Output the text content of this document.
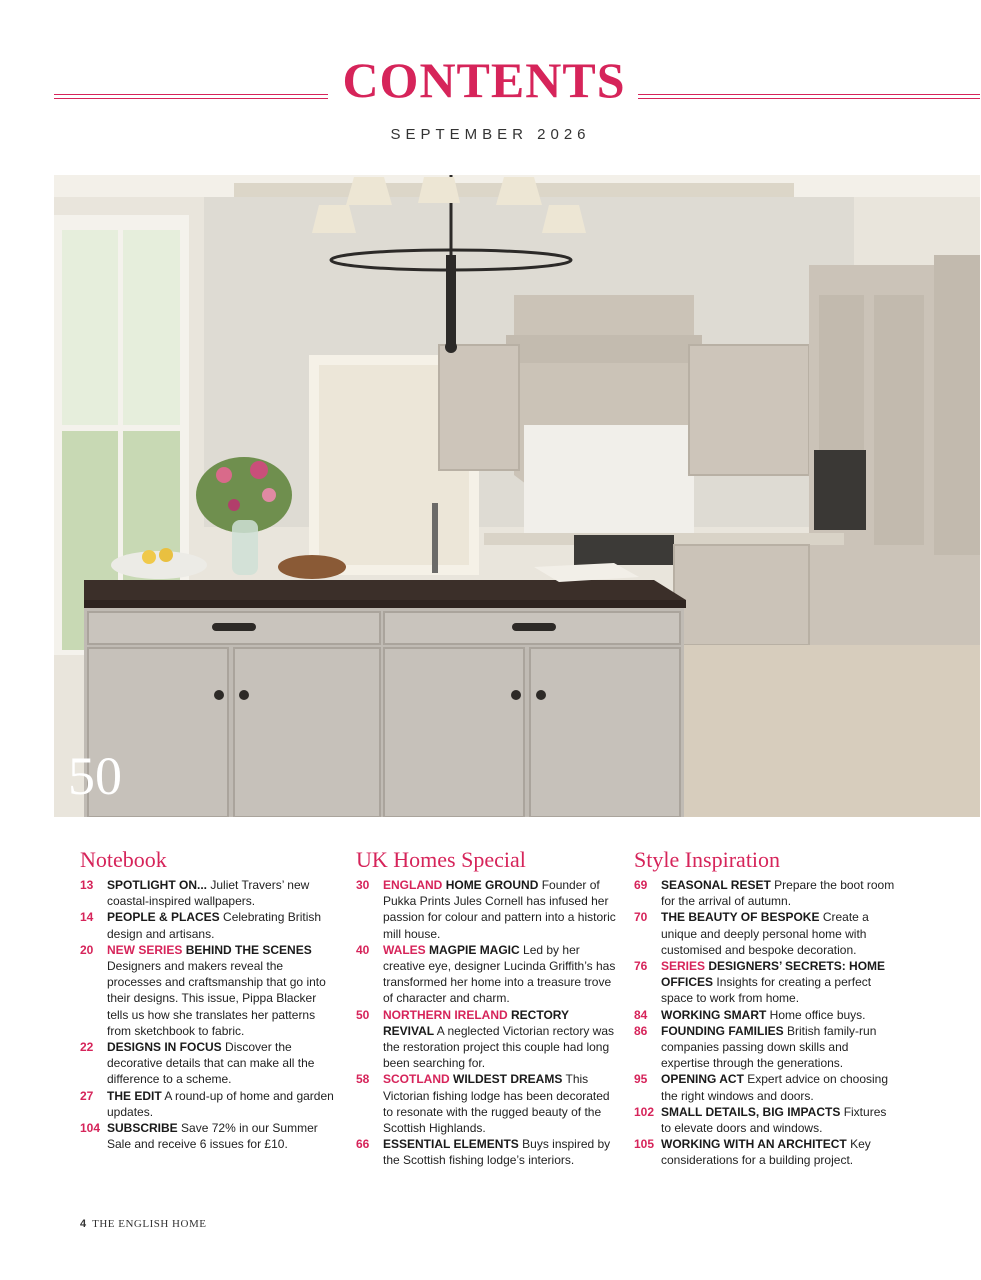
CONTENTS
SEPTEMBER 2026
50
Notebook
13	SPOTLIGHT ON... Juliet Travers’ new coastal-inspired wallpapers.
14	PEOPLE & PLACES Celebrating British design and artisans.
20	NEW SERIES BEHIND THE SCENES Designers and makers reveal the processes and craftsmanship that go into their designs. This issue, Pippa Blacker tells us how she translates her patterns from sketchbook to fabric.
22	DESIGNS IN FOCUS Discover the decorative details that can make all the difference to a scheme.
27	THE EDIT A round-up of home and garden updates.
104 SUBSCRIBE Save 72% in our Summer Sale and receive 6 issues for £10.
UK Homes Special
30	ENGLAND HOME GROUND Founder of Pukka Prints Jules Cornell has infused her passion for colour and pattern into a historic mill house.
40	WALES MAGPIE MAGIC Led by her creative eye, designer Lucinda Griffith’s has transformed her home into a treasure trove of character and charm.
50	NORTHERN IRELAND RECTORY REVIVAL A neglected Victorian rectory was the restoration project this couple had long been searching for.
58	SCOTLAND WILDEST DREAMS This Victorian fishing lodge has been decorated to resonate with the rugged beauty of the Scottish Highlands.
66	ESSENTIAL ELEMENTS Buys inspired by the Scottish fishing lodge’s interiors.
Style Inspiration
69	SEASONAL RESET Prepare the boot room for the arrival of autumn.
70	THE BEAUTY OF BESPOKE Create a unique and deeply personal home with customised and bespoke decoration.
76	SERIES DESIGNERS’ SECRETS: HOME OFFICES Insights for creating a perfect space to work from home.
84	WORKING SMART Home office buys.
86	FOUNDING FAMILIES British family-run companies passing down skills and expertise through the generations.
95	OPENING ACT Expert advice on choosing the right windows and doors.
102 SMALL DETAILS, BIG IMPACTS Fixtures to elevate doors and windows.
105 WORKING WITH AN ARCHITECT Key considerations for a building project.
4 THE ENGLISH HOME
